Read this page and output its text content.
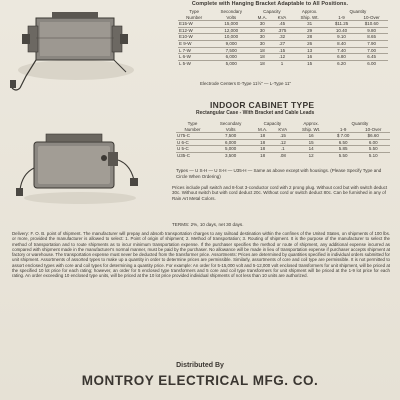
Complete with Hanging Bracket Adaptable to All Positions.
Type	Secondary	Capacity		Approx.	Quantity	
Number	Volts	M.A.	KVA	Ship. Wt.	1-9	10-Over
E15-W	15,000	30	.45	31	$11.25	$10.60
E12-W	12,000	30	.375	29	10.40	9.80
E10-W	10,000	30	.32	28	9.10	8.65
E 9-W	9,000	30	.27	26	8.40	7.90
L 7-W	7,500	18	.15	13	7.40	7.00
L 6-W	6,000	18	.12	16	6.80	6.45
L 5-W	5,000	18	1	15	6.20	6.00
Electrode Centers E-Type 11½" — L-Type 11"
INDOOR CABINET TYPE
Rectangular Case - With Bracket and Cable Leads
Type	Secondary	Capacity		Approx.	Quantity	
Number	Volts	M.A.	KVA	Ship. Wt.	1-9	10-Over
U75-C	7,500	18	.15	16	$ 7.00	$6.60
U 6-C	6,000	18	.12	15	6.50	6.00
U 5-C	5,000	18	.1	14	5.85	5.50
U35-C	3,500	18	.08	12	5.50	5.10
Types — U S-H — U S-H — U35-H — Same as above except with housings. (Please Specify Type and Circle When Ordering)
Prices include pull switch and 8-foot 3-conductor cord with 2 prong plug. Without cord but with switch deduct 30c. Without switch but with cord deduct 20c. Without cord or switch deduct 80c. Can be furnished in any of Rain Art Metal Colors.
TERMS: 2%, 10 days, net 30 days.
Delivery: F. O. B. point of shipment. The manufacturer will prepay and absorb transportation charges to any railroad destination within the confines of the United States, on shipments of 100 lbs. or more, provided the manufacturer is allowed to select: 1. Point of origin of shipment; 2. Method of transportation; 3. Routing of shipment. It is the purpose of the manufacturer to select the method of transportation and to route shipments as to incur minimum transportation expense. If the purchaser specifies the method or route of shipment, any additional expense incurred as compared with shipment made in the manufacturer's normal manner, must be paid by the purchaser. No allowance will be made in lieu of transportation expense if purchaser accepts shipment at factory or warehouse. The transportation expense must never be deducted from the transformer price. Assortments: Prices are determined by quantities specified in individual orders submitted for unit shipment. Assortments of assorted types to make up a quantity in order to determine prices are permissible. Similarly, assortments of core and coil type are permissible. It is not permitted to assort enclosed types with core and coil types for determining a quantity price. For example: An order for 5-15,000 volt and 5-12,000 volt enclosed transformers for unit shipment, will be priced at the specified 10 lot price for each rating; however, an order for 5 enclosed type transformers and 5 core and coil type transformers for unit shipment will be priced at the 1-9 lot price for each rating. An order exceeding 10 enclosed type units, will be priced at the 10 lot price provided individual shipments of not less than 10 units are authorized.
Distributed By
MONTROY ELECTRICAL MFG. CO.
